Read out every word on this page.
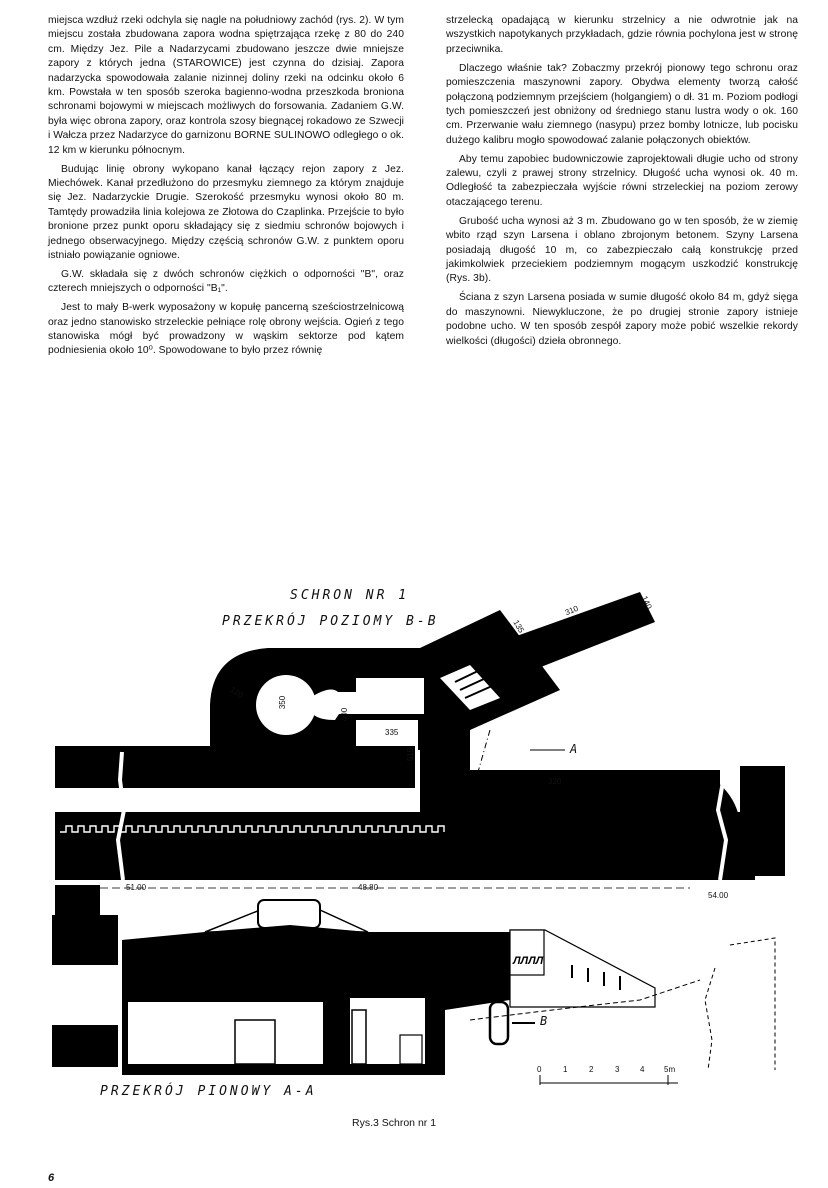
miejsca wzdłuż rzeki odchyla się nagle na południowy zachód (rys. 2). W tym miejscu została zbudowana zapora wodna spiętrzająca rzekę z 80 do 240 cm. Między Jez. Pile a Nadarzycami zbudowano jeszcze dwie mniejsze zapory z których jedna (STAROWICE) jest czynna do dzisiaj. Zapora nadarzycka spowodowała zalanie nizinnej doliny rzeki na odcinku około 6 km. Powstała w ten sposób szeroka bagienno-wodna przeszkoda broniona schronami bojowymi w miejscach możliwych do forsowania. Zadaniem G.W. była więc obrona zapory, oraz kontrola szosy biegnącej rokadowo ze Szwecji i Wałcza przez Nadarzyce do garnizonu BORNE SULINOWO odległego o ok. 12 km w kierunku północnym.

Budując linię obrony wykopano kanał łączący rejon zapory z Jez. Miechówek. Kanał przedłużono do przesmyku ziemnego za którym znajduje się Jez. Nadarzyckie Drugie. Szerokość przesmyku wynosi około 80 m. Tamtędy prowadziła linia kolejowa ze Złotowa do Czaplinka. Przejście to było bronione przez punkt oporu składający się z siedmiu schronów bojowych i jednego obserwacyjnego. Między częścią schronów G.W. z punktem oporu istniało powiązanie ogniowe.

G.W. składała się z dwóch schronów ciężkich o odporności "B", oraz czterech mniejszych o odporności "B₁".

Jest to mały B-werk wyposażony w kopułę pancerną sześciostrzelnicową oraz jedno stanowisko strzeleckie pełniące rolę obrony wejścia. Ogień z tego stanowiska mógł być prowadzony w wąskim sektorze pod kątem podniesienia około 10⁰. Spowodowane to było przez równię

strzelecką opadającą w kierunku strzelnicy a nie odwrotnie jak na wszystkich napotykanych przykładach, gdzie równia pochylona jest w stronę przeciwnika.

Dlaczego właśnie tak? Zobaczmy przekrój pionowy tego schronu oraz pomieszczenia maszynowni zapory. Obydwa elementy tworzą całość połączoną podziemnym przejściem (holgangiem) o dł. 31 m. Poziom podłogi tych pomieszczeń jest obniżony od średniego stanu lustra wody o ok. 160 cm. Przerwanie wału ziemnego (nasypu) przez bomby lotnicze, lub pocisku dużego kalibru mogło spowodować zalanie połączonych obiektów.

Aby temu zapobiec budowniczowie zaprojektowali długie ucho od strony zalewu, czyli z prawej strony strzelnicy. Długość ucha wynosi ok. 40 m. Odległość ta zabezpieczała wyjście równi strzeleckiej na poziom zerowy otaczającego terenu.

Grubość ucha wynosi aż 3 m. Zbudowano go w ten sposób, że w ziemię wbito rząd szyn Larsena i oblano zbrojonym betonem. Szyny Larsena posiadają długość 10 m, co zabezpieczało całą konstrukcję przed jakimkolwiek przeciekiem podziemnym mogącym uszkodzić konstrukcję (Rys. 3b).

Ściana z szyn Larsena posiada w sumie długość około 84 m, gdyż sięga do maszynowni. Niewykluczone, że po drugiej stronie zapory istnieje podobne ucho. W ten sposób zespół zapory może pobić wszelkie rekordy wielkości (długości) dzieła obronnego.

ЛЛЛЛ
SCHRON NR 1
PRZEKRÓJ POZIOMY B-B
120
350
135
310
140
400
515
320
335
51.00	48.80
54.00
A
B
0	1	2	3	4 5m
PRZEKRÓJ PIONOWY A-A
Rys.3 Schron nr 1
6
